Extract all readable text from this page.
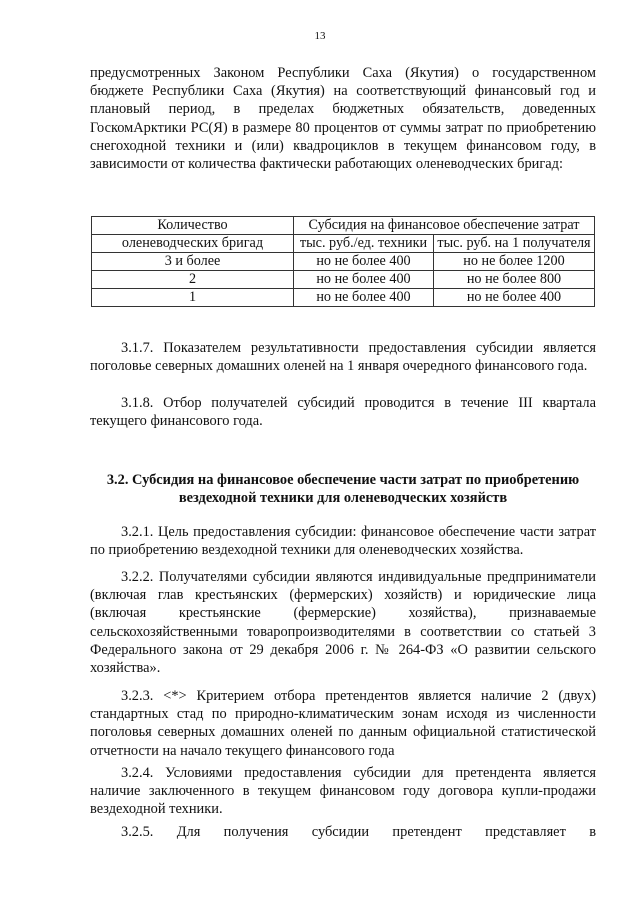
13
предусмотренных Законом Республики Саха (Якутия) о государственном бюджете Республики Саха (Якутия) на соответствующий финансовый год и плановый период, в пределах бюджетных обязательств, доведенных ГоскомАрктики РС(Я) в размере 80 процентов от суммы затрат по приобретению снегоходной техники и (или) квадроциклов в текущем финансовом году, в зависимости от количества фактически работающих оленеводческих бригад:
Количество	Субсидия на финансовое обеспечение затрат	
оленеводческих бригад	тыс. руб./ед. техники	тыс. руб. на 1 получателя
3 и более	но не более 400	но не более 1200
2	но не более 400	но не более 800
1	но не более 400	но не более 400
3.1.7. Показателем результативности предоставления субсидии является поголовье северных домашних оленей на 1 января очередного финансового года.
3.1.8. Отбор получателей субсидий проводится в течение III квартала текущего финансового года.
3.2. Субсидия на финансовое обеспечение части затрат по приобретению
вездеходной техники для оленеводческих хозяйств
3.2.1. Цель предоставления субсидии: финансовое обеспечение части затрат по приобретению вездеходной техники для оленеводческих хозяйства.
3.2.2. Получателями субсидии являются индивидуальные предприниматели (включая глав крестьянских (фермерских) хозяйств) и юридические лица (включая крестьянские (фермерские) хозяйства), признаваемые сельскохозяйственными товаропроизводителями в соответствии со статьей 3 Федерального закона от 29 декабря 2006 г. № 264-ФЗ «О развитии сельского хозяйства».
3.2.3. <*> Критерием отбора претендентов является наличие 2 (двух) стандартных стад по природно-климатическим зонам исходя из численности поголовья северных домашних оленей по данным официальной статистической отчетности на начало текущего финансового года
3.2.4. Условиями предоставления субсидии для претендента является наличие заключенного в текущем финансовом году договора купли-продажи вездеходной техники.
3.2.5. Для получения субсидии претендент представляет в
